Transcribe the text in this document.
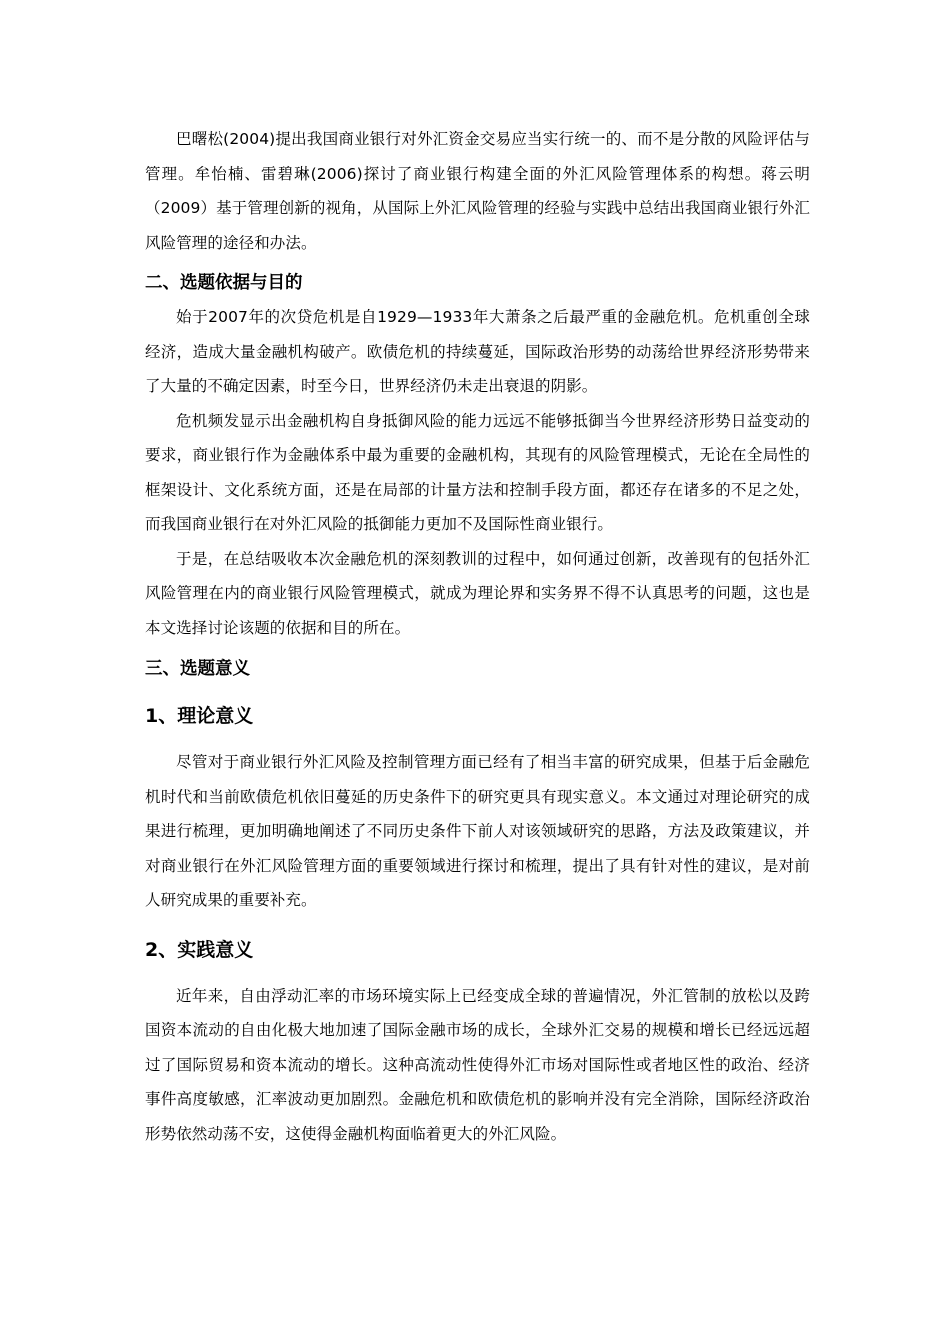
巴曙松(2004)提出我国商业银行对外汇资金交易应当实行统一的、而不是分散的风险评估与管理。牟怡楠、雷碧琳(2006)探讨了商业银行构建全面的外汇风险管理体系的构想。蒋云明（2009）基于管理创新的视角，从国际上外汇风险管理的经验与实践中总结出我国商业银行外汇风险管理的途径和办法。

二、选题依据与目的

始于2007年的次贷危机是自1929—1933年大萧条之后最严重的金融危机。危机重创全球经济，造成大量金融机构破产。欧债危机的持续蔓延，国际政治形势的动荡给世界经济形势带来了大量的不确定因素，时至今日，世界经济仍未走出衰退的阴影。

危机频发显示出金融机构自身抵御风险的能力远远不能够抵御当今世界经济形势日益变动的要求，商业银行作为金融体系中最为重要的金融机构，其现有的风险管理模式，无论在全局性的框架设计、文化系统方面，还是在局部的计量方法和控制手段方面，都还存在诸多的不足之处，而我国商业银行在对外汇风险的抵御能力更加不及国际性商业银行。

于是，在总结吸收本次金融危机的深刻教训的过程中，如何通过创新，改善现有的包括外汇风险管理在内的商业银行风险管理模式，就成为理论界和实务界不得不认真思考的问题，这也是本文选择讨论该题的依据和目的所在。

三、选题意义
1、理论意义

尽管对于商业银行外汇风险及控制管理方面已经有了相当丰富的研究成果，但基于后金融危机时代和当前欧债危机依旧蔓延的历史条件下的研究更具有现实意义。本文通过对理论研究的成果进行梳理，更加明确地阐述了不同历史条件下前人对该领域研究的思路，方法及政策建议，并对商业银行在外汇风险管理方面的重要领域进行探讨和梳理，提出了具有针对性的建议，是对前人研究成果的重要补充。

2、实践意义

近年来，自由浮动汇率的市场环境实际上已经变成全球的普遍情况，外汇管制的放松以及跨国资本流动的自由化极大地加速了国际金融市场的成长，全球外汇交易的规模和增长已经远远超过了国际贸易和资本流动的增长。这种高流动性使得外汇市场对国际性或者地区性的政治、经济事件高度敏感，汇率波动更加剧烈。金融危机和欧债危机的影响并没有完全消除，国际经济政治形势依然动荡不安，这使得金融机构面临着更大的外汇风险。
